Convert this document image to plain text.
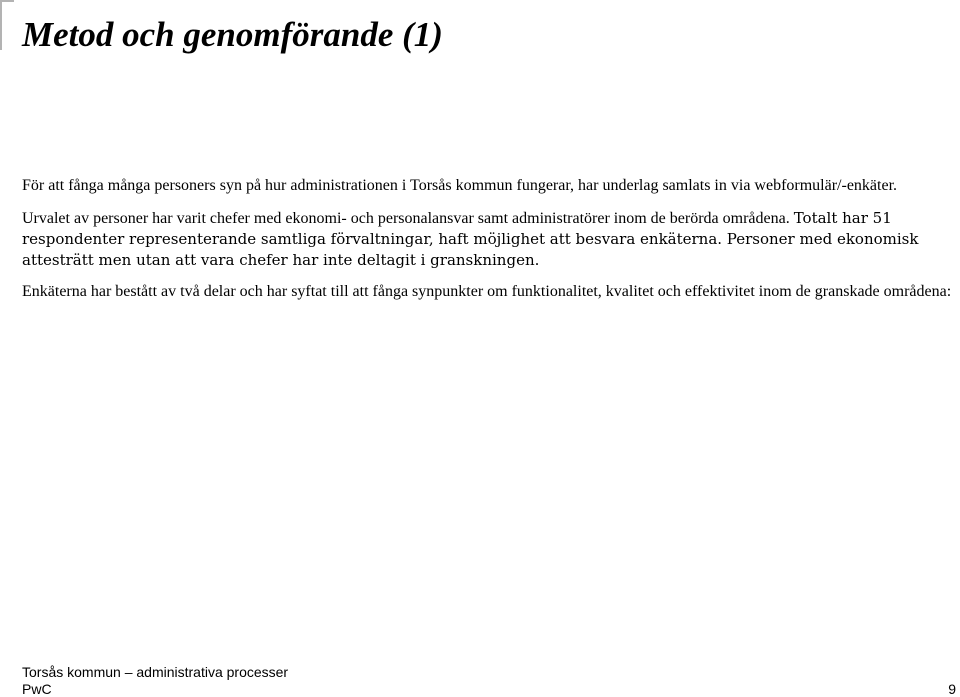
Metod och genomförande (1)

För att fånga många personers syn på hur administrationen i Torsås kommun fungerar, har underlag samlats in via webformulär/-enkäter.

Urvalet av personer har varit chefer med ekonomi- och personalansvar samt administratörer inom de berörda områdena. Totalt har 51 respondenter representerande samtliga förvaltningar, haft möjlighet att besvara enkäterna. Personer med ekonomisk attesträtt men utan att vara chefer har inte deltagit i granskningen.

Enkäterna har bestått av två delar och har syftat till att fånga synpunkter om funktionalitet, kvalitet och effektivitet inom de granskade områdena:

Torsås kommun – administrativa processer
PwC	9
